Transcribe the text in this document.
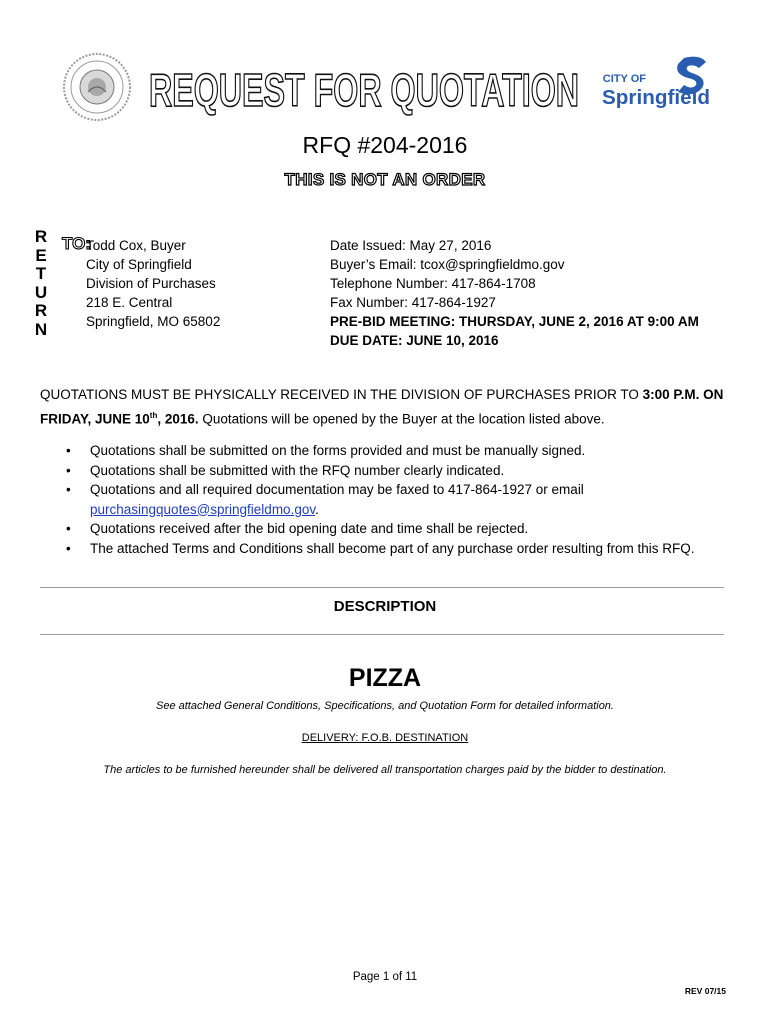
REQUEST FOR QUOTATION CITY OF
Springfield
RFQ #204-2016
THIS IS NOT AN ORDER
R
E
T
U
R
N
TO:
Todd Cox, Buyer
City of Springfield
Division of Purchases
218 E. Central
Springfield, MO 65802
Date Issued: May 27, 2016
Buyer’s Email: tcox@springfieldmo.gov
Telephone Number: 417-864-1708
Fax Number: 417-864-1927
PRE-BID MEETING: THURSDAY, JUNE 2, 2016 AT 9:00 AM
DUE DATE: JUNE 10, 2016
QUOTATIONS MUST BE PHYSICALLY RECEIVED IN THE DIVISION OF PURCHASES PRIOR TO 3:00 P.M. ON FRIDAY, JUNE 10th, 2016. Quotations will be opened by the Buyer at the location listed above.
• Quotations shall be submitted on the forms provided and must be manually signed.
• Quotations shall be submitted with the RFQ number clearly indicated.
• Quotations and all required documentation may be faxed to 417-864-1927 or email
purchasingquotes@springfieldmo.gov.
• Quotations received after the bid opening date and time shall be rejected.
• The attached Terms and Conditions shall become part of any purchase order resulting from this RFQ.
DESCRIPTION
PIZZA
See attached General Conditions, Specifications, and Quotation Form for detailed information.
DELIVERY: F.O.B. DESTINATION
The articles to be furnished hereunder shall be delivered all transportation charges paid by the bidder to destination.
Page 1 of 11
REV 07/15
